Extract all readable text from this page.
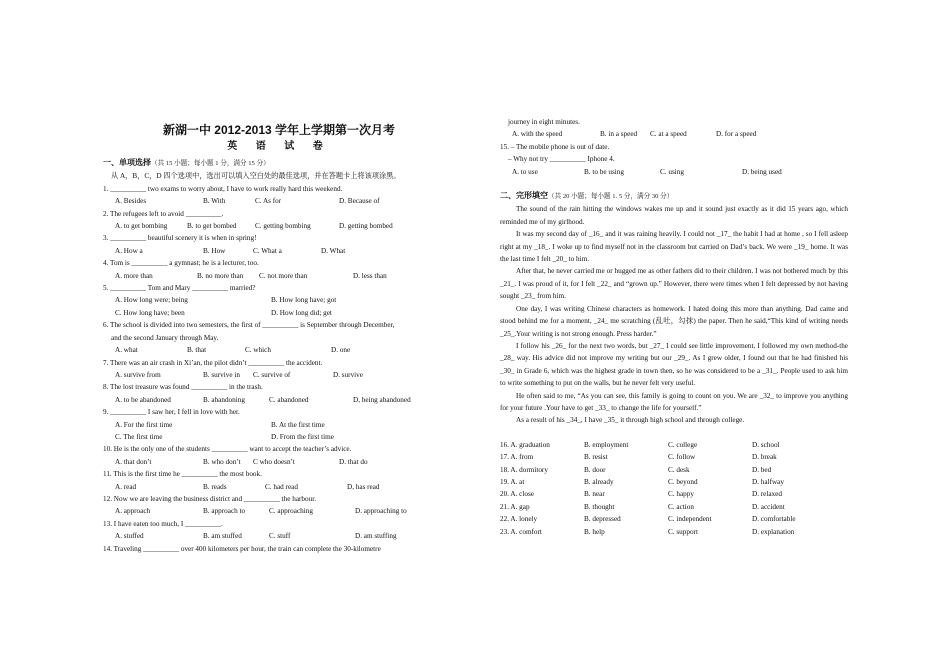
新湖一中 2012-2013 学年上学期第一次月考
英 语 试 卷
一、单项选择（共 15 小题；每小题 1 分，满分 15 分）
从 A，B，C，D 四个选项中，选出可以填入空白处的最佳选项，并在答题卡上将该项涂黑。
1. __________ two exams to worry about, I have to work really hard this weekend.
A. Besides	B. With	C. As for	D. Because of
2. The refugees left to avoid __________.
A. to get bombing	B. to get bombed	C. getting bombing	D. getting bombed
3. __________ beautiful scenery it is when in spring!
A. How a	B. How	C. What a	D. What
4. Tom is __________ a gymnast; he is a lecturer, too.
A. more than	B. no more than	C. not more than	D. less than
5. __________ Tom and Mary __________ married?
A. How long were; being	B. How long have; got
C. How long have; been	D. How long did; get
6. The school is divided into two semesters, the first of __________ is September through December,
and the second January through May.
A. what	B. that	C. which	D. one
7. There was an air crash in Xi’an, the pilot didn’t __________ the accident.
A. survive from	B. survive in	C. survive of	D. survive
8. The lost treasure was found __________ in the trash.
A. to be abandoned	B. abandoning	C. abandoned	D, being abandoned
9. __________ I saw her, I fell in love with her.
A. For the first time	B. At the first time
C. The first time	D. From the first time
10. He is the only one of the students __________ want to accept the teacher’s advice.
A. that don’t	B. who don’t	C who doesn’t	D. that do
11. This is the first time he __________ the most book.
A. read	B. reads	C. had read	D, has read
12. Now we are leaving the business district and __________ the harbour.
A. approach	B. approach to	C. approaching	D. approaching to
13. I have eaten too much, I __________.
A. stuffed	B. am stuffed	C. stuff	D. am stuffing
14. Traveling __________ over 400 kilometers per hour, the train can complete the 30-kilometre
journey in eight minutes.
A. with the speed	B. in a speed	C. at a speed	D. for a speed
15. – The mobile phone is out of date.
– Why not try __________ Iphone 4.
A. to use	B. to be using	C. using	D. being used
二、完形填空（共 20 小题；每小题 1. 5 分，满分 30 分）
The sound of the rain hitting the windows wakes me up and it sound just exactly as it did 15 years ago, which reminded me of my girlhood.
It was my second day of _16_ and it was raining heavily. I could not _17_ the habit I had at home , so I fell asleep right at my _18_. I woke up to find myself not in the classroom but carried on Dad’s back. We were _19_ home. It was the last time I felt _20_ to him.
After that, he never carried me or hugged me as other fathers did to their children. I was not bothered much by this _21_. I was proud of it, for I felt _22_ and “grown up.” However, there were times when I felt depressed by not having sought _23_ from him.
One day, I was writing Chinese characters as homework. I hated doing this more than anything. Dad came and stood behind me for a moment, _24_ me scratching (乱吐，勾抹) the paper. Then he said,“This kind of writing needs _25_.Your writing is not strong enough. Press harder.”
I follow his _26_ for the next two words, but _27_ I could see little improvement, I followed my own method-the _28_ way. His advice did not improve my writing but our _29_. As I grew older, I found out that he had finished his _30_ in Grade 6, which was the highest grade in town then, so he was considered to be a _31_. People used to ask him to write something to put on the walls, but he never felt very useful.
He often said to me, “As you can see, this family is going to count on you. We are _32_ to improve you anything for your future .Your have to get _33_ to change the life for yourself.”
As a result of his _34_, I have _35_ it through high school and through college.
16. A. graduation	B. employment	C. college	D. school
17. A. from	B. resist	C. follow	D. break
18. A. dormitory	B. door	C. desk	D. bed
19. A. at	B. already	C. beyond	D. halfway
20. A. close	B. near	C. happy	D. relaxed
21. A. gap	B. thought	C. action	D. accident
22. A. lonely	B. depressed	C. independent	D. comfortable
23. A. comfort	B. help	C. support	D. explanation
